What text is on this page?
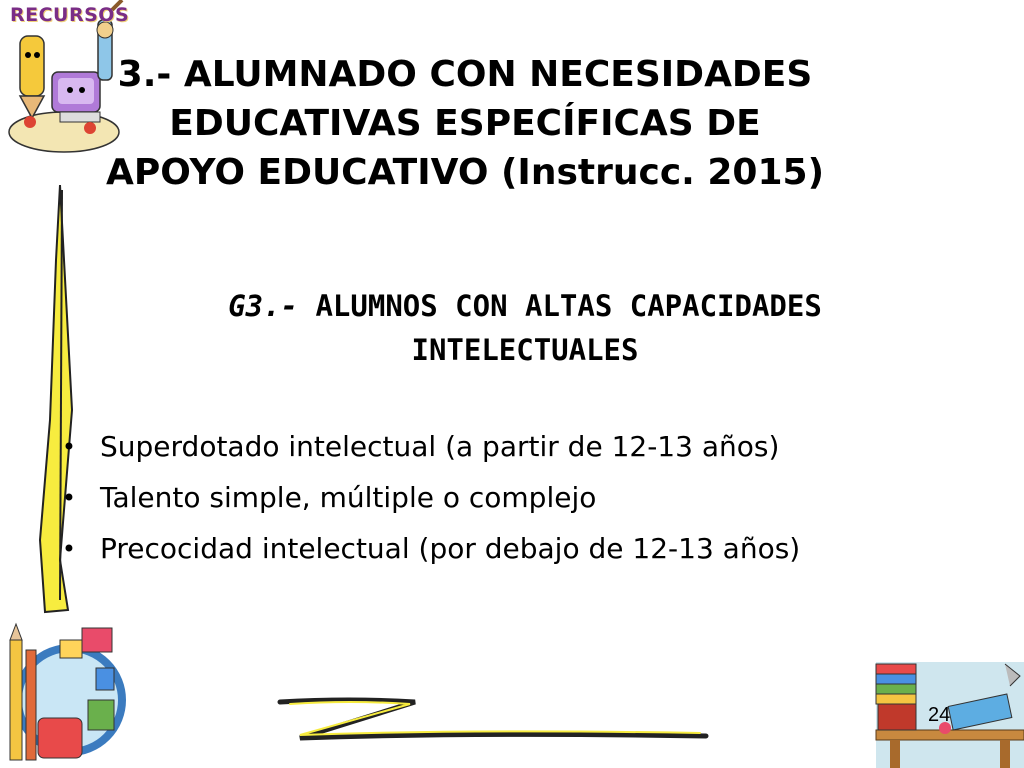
RECURSOS
3.- ALUMNADO CON NECESIDADES
EDUCATIVAS ESPECÍFICAS DE
APOYO EDUCATIVO (Instrucc. 2015)
G3.- ALUMNOS CON ALTAS CAPACIDADES
INTELECTUALES
• Superdotado intelectual (a partir de 12-13 años)
• Talento simple, múltiple o complejo
• Precocidad intelectual (por debajo de 12-13 años)
24
